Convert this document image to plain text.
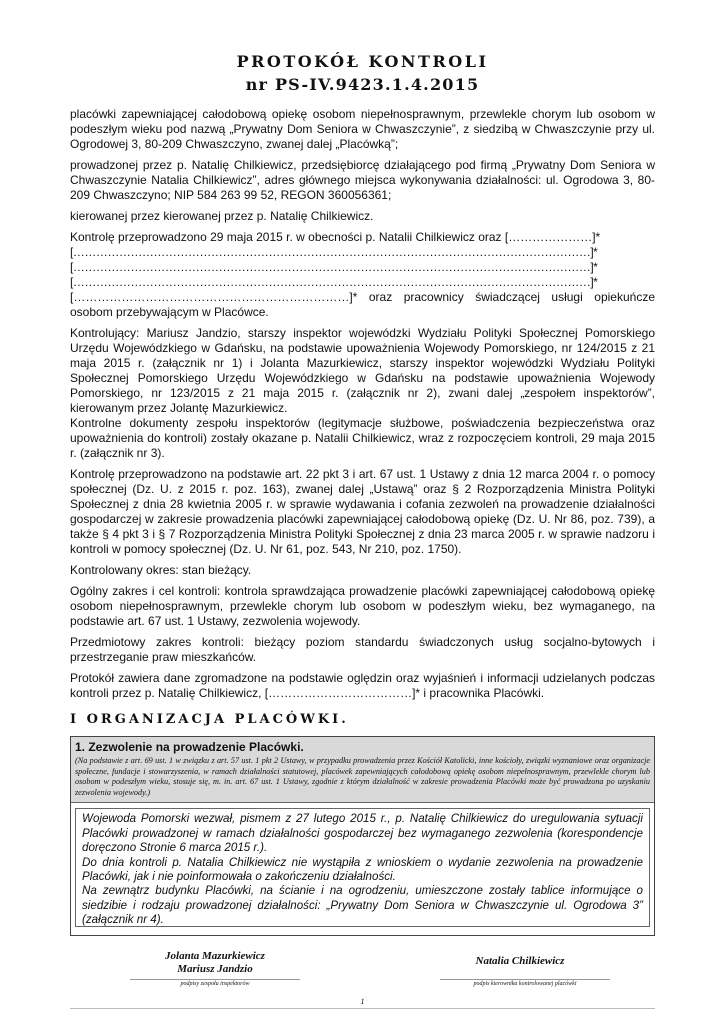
PROTOKÓŁ KONTROLI
nr PS-IV.9423.1.4.2015

placówki zapewniającej całodobową opiekę osobom niepełnosprawnym, przewlekle chorym lub osobom w podeszłym wieku pod nazwą „Prywatny Dom Seniora w Chwaszczynie”, z siedzibą w Chwaszczynie przy ul. Ogrodowej 3, 80-209 Chwaszczyno, zwanej dalej „Placówką”;

prowadzonej przez p. Natalię Chilkiewicz, przedsiębiorcę działającego pod firmą „Prywatny Dom Seniora w Chwaszczynie Natalia Chilkiewicz”, adres głównego miejsca wykonywania działalności: ul. Ogrodowa 3, 80-209 Chwaszczyno; NIP 584 263 99 52, REGON 360056361;

kierowanej przez kierowanej przez p. Natalię Chilkiewicz.

Kontrolę przeprowadzono 29 maja 2015 r. w obecności p. Natalii Chilkiewicz oraz […………………]*

[………………………………………………………………………………………………………………………]*

[………………………………………………………………………………………………………………………]*

[………………………………………………………………………………………………………………………]*

[……………………………………………………………]* oraz pracownicy świadczącej usługi opiekuńcze osobom przebywającym w Placówce.

Kontrolujący: Mariusz Jandzio, starszy inspektor wojewódzki Wydziału Polityki Społecznej Pomorskiego Urzędu Wojewódzkiego w Gdańsku, na podstawie upoważnienia Wojewody Pomorskiego, nr 124/2015 z 21 maja 2015 r. (załącznik nr 1) i Jolanta Mazurkiewicz, starszy inspektor wojewódzki Wydziału Polityki Społecznej Pomorskiego Urzędu Wojewódzkiego w Gdańsku na podstawie upoważnienia Wojewody Pomorskiego, nr 123/2015 z 21 maja 2015 r. (załącznik nr 2), zwani dalej „zespołem inspektorów”, kierowanym przez Jolantę Mazurkiewicz.

Kontrolne dokumenty zespołu inspektorów (legitymacje służbowe, poświadczenia bezpieczeństwa oraz upoważnienia do kontroli) zostały okazane p. Natalii Chilkiewicz, wraz z rozpoczęciem kontroli, 29 maja 2015 r. (załącznik nr 3).

Kontrolę przeprowadzono na podstawie art. 22 pkt 3 i art. 67 ust. 1 Ustawy z dnia 12 marca 2004 r. o pomocy społecznej (Dz. U. z 2015 r. poz. 163), zwanej dalej „Ustawą” oraz § 2 Rozporządzenia Ministra Polityki Społecznej z dnia 28 kwietnia 2005 r. w sprawie wydawania i cofania zezwoleń na prowadzenie działalności gospodarczej w zakresie prowadzenia placówki zapewniającej całodobową opiekę (Dz. U. Nr 86, poz. 739), a także § 4 pkt 3 i § 7 Rozporządzenia Ministra Polityki Społecznej z dnia 23 marca 2005 r. w sprawie nadzoru i kontroli w pomocy społecznej (Dz. U. Nr 61, poz. 543, Nr 210, poz. 1750).

Kontrolowany okres: stan bieżący.

Ogólny zakres i cel kontroli: kontrola sprawdzająca prowadzenie placówki zapewniającej całodobową opiekę osobom niepełnosprawnym, przewlekle chorym lub osobom w podeszłym wieku, bez wymaganego, na podstawie art. 67 ust. 1 Ustawy, zezwolenia wojewody.

Przedmiotowy zakres kontroli: bieżący poziom standardu świadczonych usług socjalno-bytowych i przestrzeganie praw mieszkańców.

Protokół zawiera dane zgromadzone na podstawie oględzin oraz wyjaśnień i informacji udzielanych podczas kontroli przez p. Natalię Chilkiewicz, [………………………………]* i pracownika Placówki.

I ORGANIZACJA PLACÓWKI.
1. Zezwolenie na prowadzenie Placówki.
(Na podstawie z art. 69 ust. 1 w związku z art. 57 ust. 1 pkt 2 Ustawy, w przypadku prowadzenia przez Kościół Katolicki, inne kościoły, związki wyznaniowe oraz organizacje społeczne, fundacje i stowarzyszenia, w ramach działalności statutowej, placówek zapewniających całodobową opiekę osobom niepełnosprawnym, przewlekle chorym lub osobom w podeszłym wieku, stosuje się, m. in. art. 67 ust. 1 Ustawy, zgodnie z którym działalność w zakresie prowadzenia Placówki może być prowadzona po uzyskaniu zezwolenia wojewody.)

Wojewoda Pomorski wezwał, pismem z 27 lutego 2015 r., p. Natalię Chilkiewicz do uregulowania sytuacji Placówki prowadzonej w ramach działalności gospodarczej bez wymaganego zezwolenia (korespondencje doręczono Stronie 6 marca 2015 r.).

Do dnia kontroli p. Natalia Chilkiewicz nie wystąpiła z wnioskiem o wydanie zezwolenia na prowadzenie Placówki, jak i nie poinformowała o zakończeniu działalności.

Na zewnątrz budynku Placówki, na ścianie i na ogrodzeniu, umieszczone zostały tablice informujące o siedzibie i rodzaju prowadzonej działalności: „Prywatny Dom Seniora w Chwaszczynie ul. Ogrodowa 3” (załącznik nr 4).

Jolanta Mazurkiewicz
Mariusz Jandzio
Natalia Chilkiewicz
podpisy zespołu inspektorów	podpis kierownika kontrolowanej placówki
1
